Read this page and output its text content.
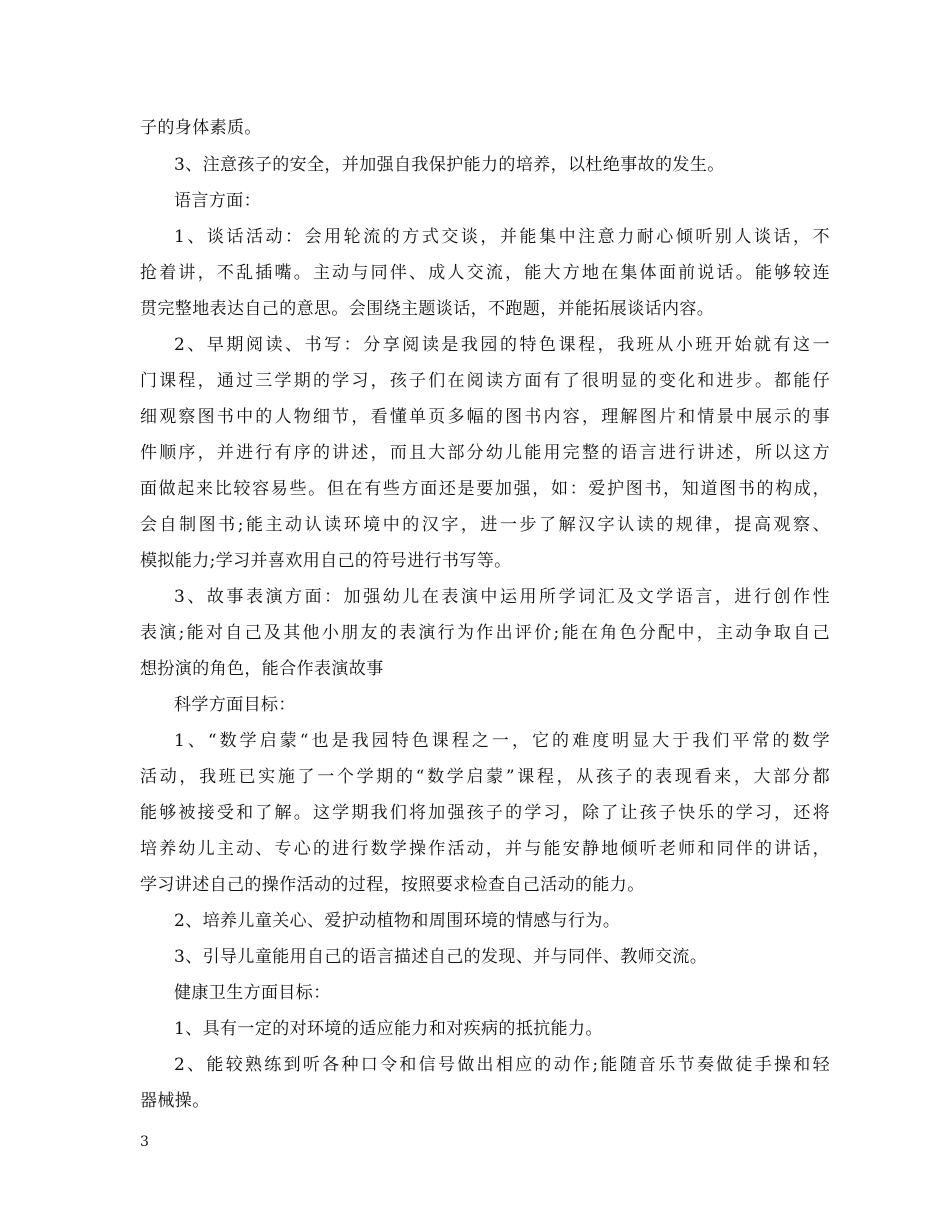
子的身体素质。
3、注意孩子的安全，并加强自我保护能力的培养，以杜绝事故的发生。
语言方面：
1、谈话活动：会用轮流的方式交谈，并能集中注意力耐心倾听别人谈话，不
抢着讲，不乱插嘴。主动与同伴、成人交流，能大方地在集体面前说话。能够较连
贯完整地表达自己的意思。会围绕主题谈话，不跑题，并能拓展谈话内容。
2、早期阅读、书写：分享阅读是我园的特色课程，我班从小班开始就有这一
门课程，通过三学期的学习，孩子们在阅读方面有了很明显的变化和进步。都能仔
细观察图书中的人物细节，看懂单页多幅的图书内容，理解图片和情景中展示的事
件顺序，并进行有序的讲述，而且大部分幼儿能用完整的语言进行讲述，所以这方
面做起来比较容易些。但在有些方面还是要加强，如：爱护图书，知道图书的构成，
会自制图书;能主动认读环境中的汉字，进一步了解汉字认读的规律，提高观察、
模拟能力;学习并喜欢用自己的符号进行书写等。
3、故事表演方面：加强幼儿在表演中运用所学词汇及文学语言，进行创作性
表演;能对自己及其他小朋友的表演行为作出评价;能在角色分配中，主动争取自己
想扮演的角色，能合作表演故事
科学方面目标：
1、“数学启蒙“也是我园特色课程之一，它的难度明显大于我们平常的数学
活动，我班已实施了一个学期的“数学启蒙”课程，从孩子的表现看来，大部分都
能够被接受和了解。这学期我们将加强孩子的学习，除了让孩子快乐的学习，还将
培养幼儿主动、专心的进行数学操作活动，并与能安静地倾听老师和同伴的讲话，
学习讲述自己的操作活动的过程，按照要求检查自己活动的能力。
2、培养儿童关心、爱护动植物和周围环境的情感与行为。
3、引导儿童能用自己的语言描述自己的发现、并与同伴、教师交流。
健康卫生方面目标：
1、具有一定的对环境的适应能力和对疾病的抵抗能力。
2、能较熟练到听各种口令和信号做出相应的动作;能随音乐节奏做徒手操和轻
器械操。
3
